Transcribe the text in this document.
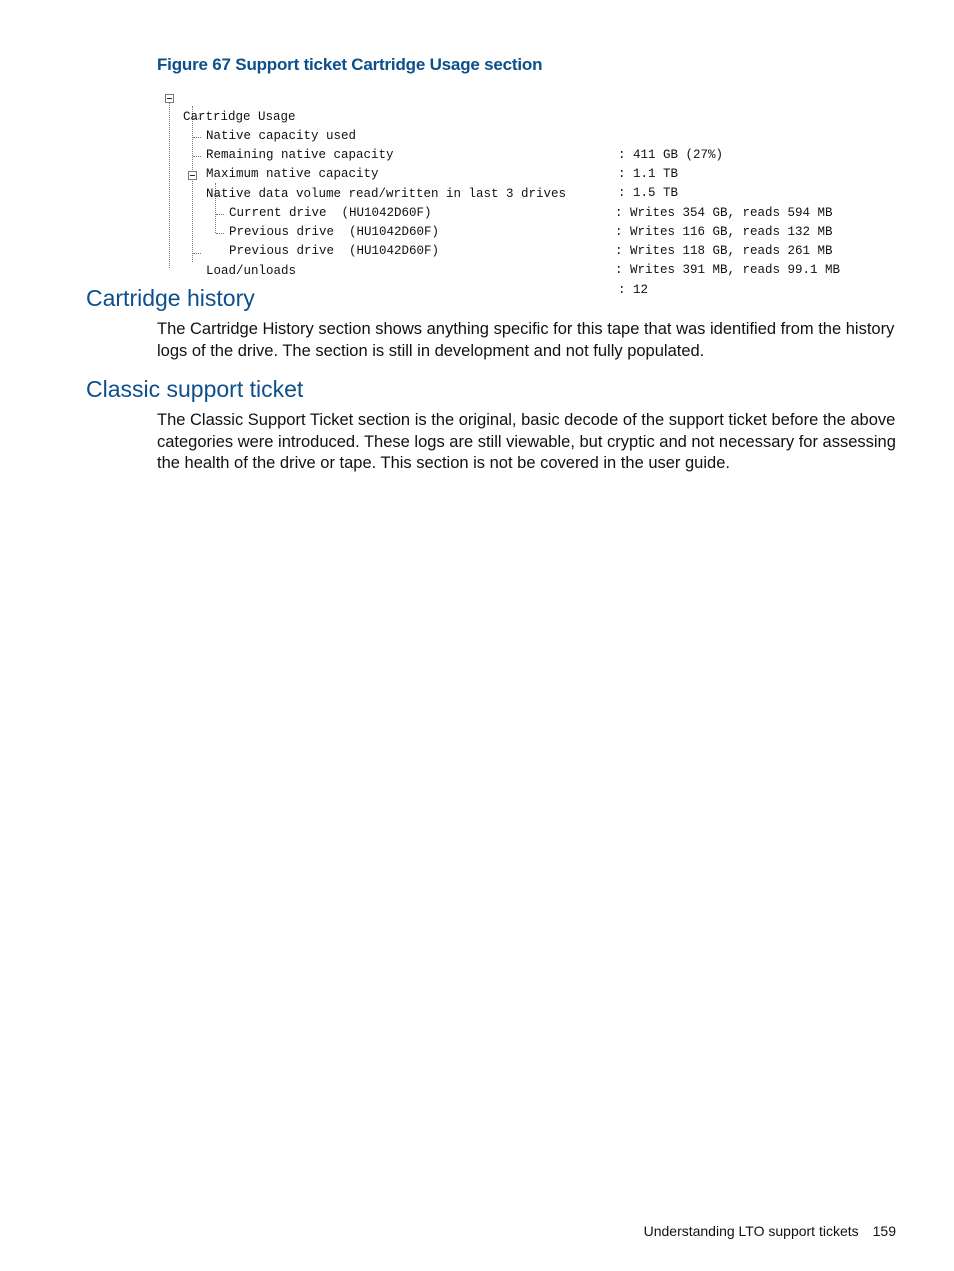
Figure 67 Support ticket Cartridge Usage section

Cartridge Usage

Native capacity used

: 411 GB (27%)

Remaining native capacity

: 1.1 TB

Maximum native capacity

: 1.5 TB

Native data volume read/written in last 3 drives

: Writes 354 GB, reads 594 MB

Current drive  (HU1042D60F)

: Writes 116 GB, reads 132 MB

Previous drive  (HU1042D60F)

: Writes 118 GB, reads 261 MB

Previous drive  (HU1042D60F)

: Writes 391 MB, reads 99.1 MB

Load/unloads

: 12

Cartridge history

The Cartridge History section shows anything specific for this tape that was identified from the history logs of the drive. The section is still in development and not fully populated.

Classic support ticket

The Classic Support Ticket section is the original, basic decode of the support ticket before the above categories were introduced. These logs are still viewable, but cryptic and not necessary for assessing the health of the drive or tape. This section is not be covered in the user guide.

Understanding LTO support tickets 159
